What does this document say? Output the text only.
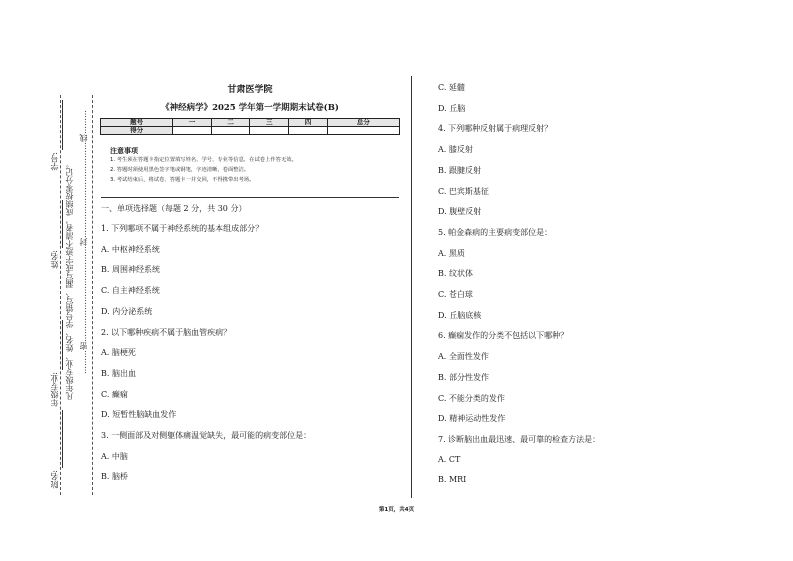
学号:
姓名:
年级专业:
院名:
凡年级专业、姓名、学号错写、漏写或字迹不清者，成绩按零分记。 ………密………………………………封………………………………线………
甘肃医学院
《神经病学》2025 学年第一学期期末试卷(B)
题号	一	二	三	四	总分
得分					
注意事项
1. 考生须在答题卡指定位置填写姓名、学号、专业等信息，在试卷上作答无效。
2. 答题时须使用黑色签字笔或钢笔，字迹清晰，卷面整洁。
3. 考试结束后，将试卷、答题卡一并交回，不得携带出考场。
一、单项选择题（每题 2 分，共 30 分）
1. 下列哪项不属于神经系统的基本组成部分？
A. 中枢神经系统
B. 周围神经系统
C. 自主神经系统
D. 内分泌系统
2. 以下哪种疾病不属于脑血管疾病？
A. 脑梗死
B. 脑出血
C. 癫痫
D. 短暂性脑缺血发作
3. 一侧面部及对侧躯体痛温觉缺失，最可能的病变部位是：
A. 中脑
B. 脑桥
C. 延髓
D. 丘脑
4. 下列哪种反射属于病理反射？
A. 膝反射
B. 跟腱反射
C. 巴宾斯基征
D. 腹壁反射
5. 帕金森病的主要病变部位是：
A. 黑质
B. 纹状体
C. 苍白球
D. 丘脑底核
6. 癫痫发作的分类不包括以下哪种？
A. 全面性发作
B. 部分性发作
C. 不能分类的发作
D. 精神运动性发作
7. 诊断脑出血最迅速、最可靠的检查方法是：
A. CT
B. MRI
第1页，共4页
